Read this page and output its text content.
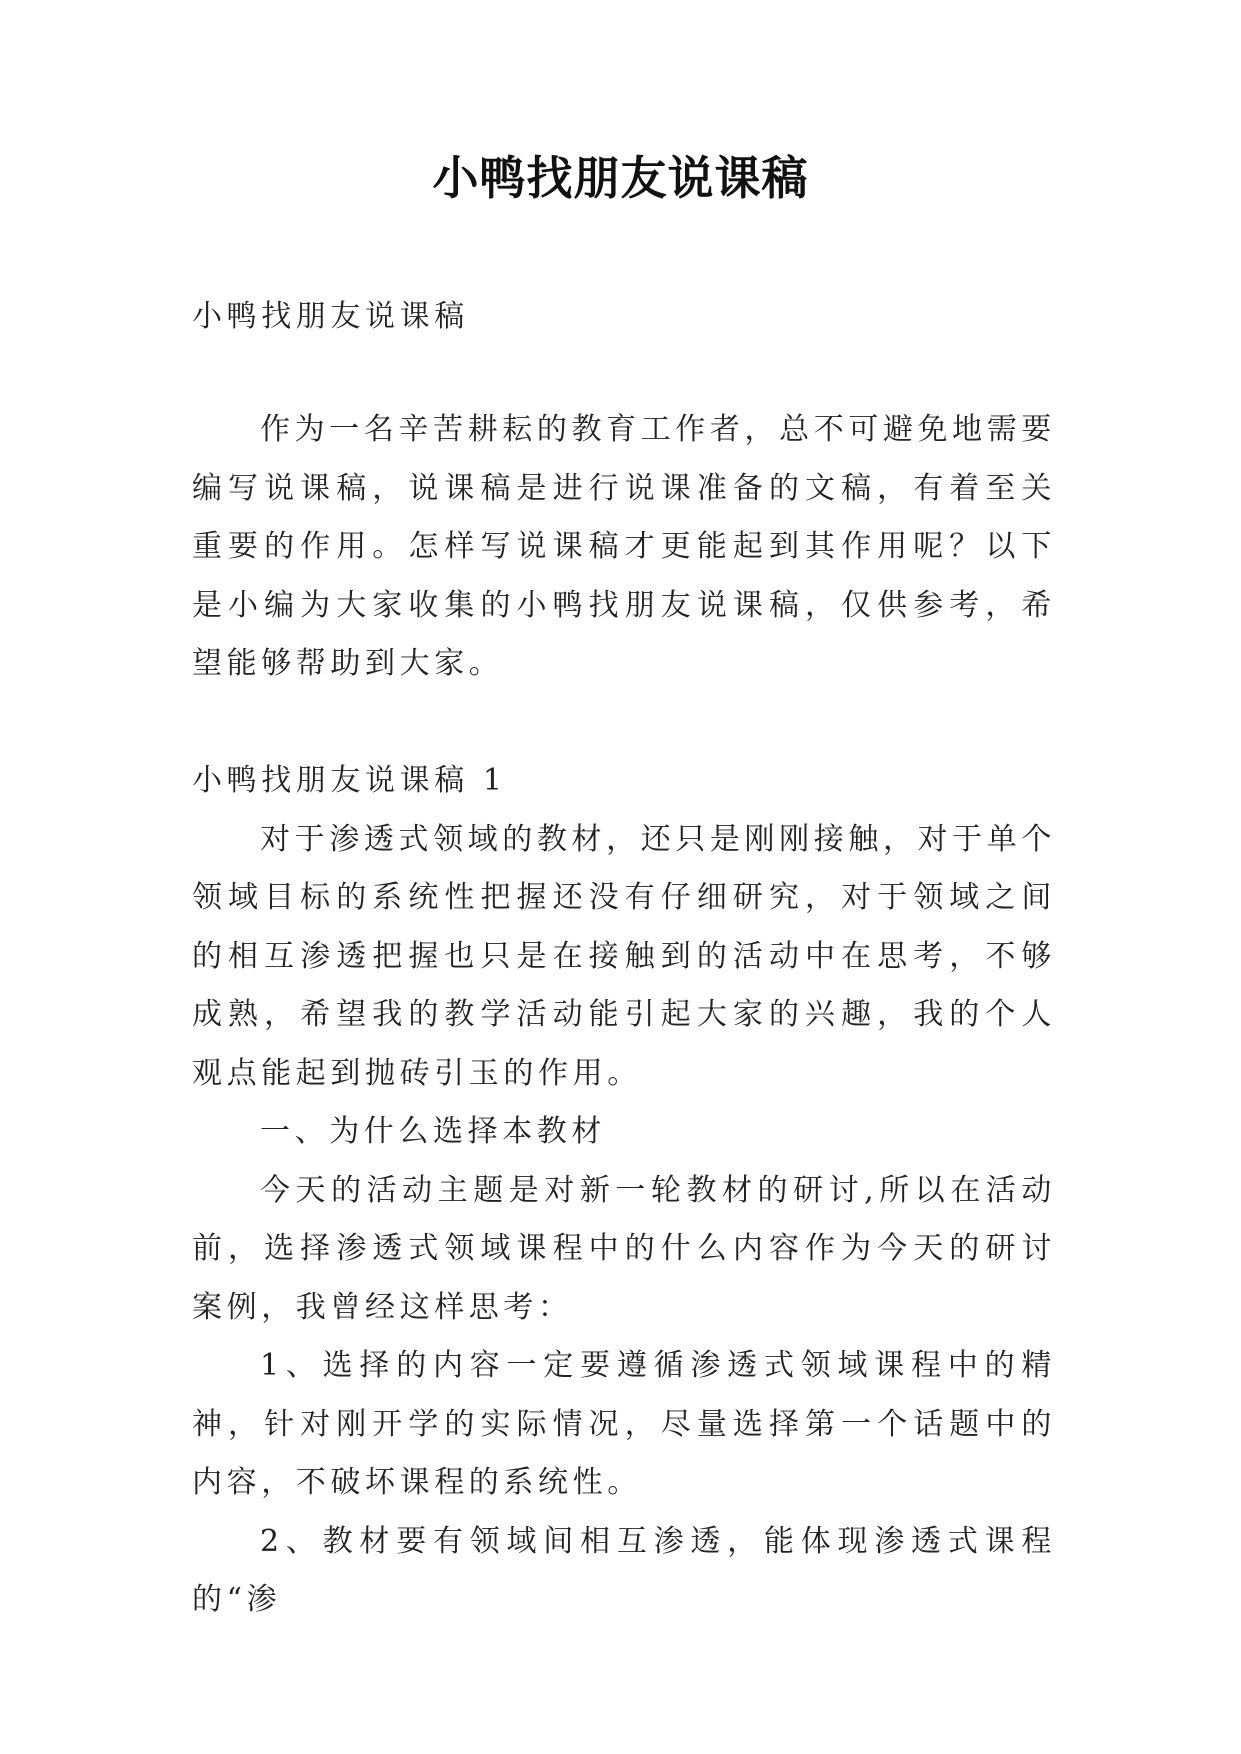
小鸭找朋友说课稿
小鸭找朋友说课稿

作为一名辛苦耕耘的教育工作者，总不可避免地需要编写说课稿，说课稿是进行说课准备的文稿，有着至关重要的作用。怎样写说课稿才更能起到其作用呢？以下是小编为大家收集的小鸭找朋友说课稿，仅供参考，希望能够帮助到大家。

小鸭找朋友说课稿 1

对于渗透式领域的教材，还只是刚刚接触，对于单个领域目标的系统性把握还没有仔细研究，对于领域之间的相互渗透把握也只是在接触到的活动中在思考，不够成熟，希望我的教学活动能引起大家的兴趣，我的个人观点能起到抛砖引玉的作用。

一、为什么选择本教材

今天的活动主题是对新一轮教材的研讨,所以在活动前，选择渗透式领域课程中的什么内容作为今天的研讨案例，我曾经这样思考：

1、选择的内容一定要遵循渗透式领域课程中的精神，针对刚开学的实际情况，尽量选择第一个话题中的内容，不破坏课程的系统性。

2、教材要有领域间相互渗透，能体现渗透式课程的“渗
